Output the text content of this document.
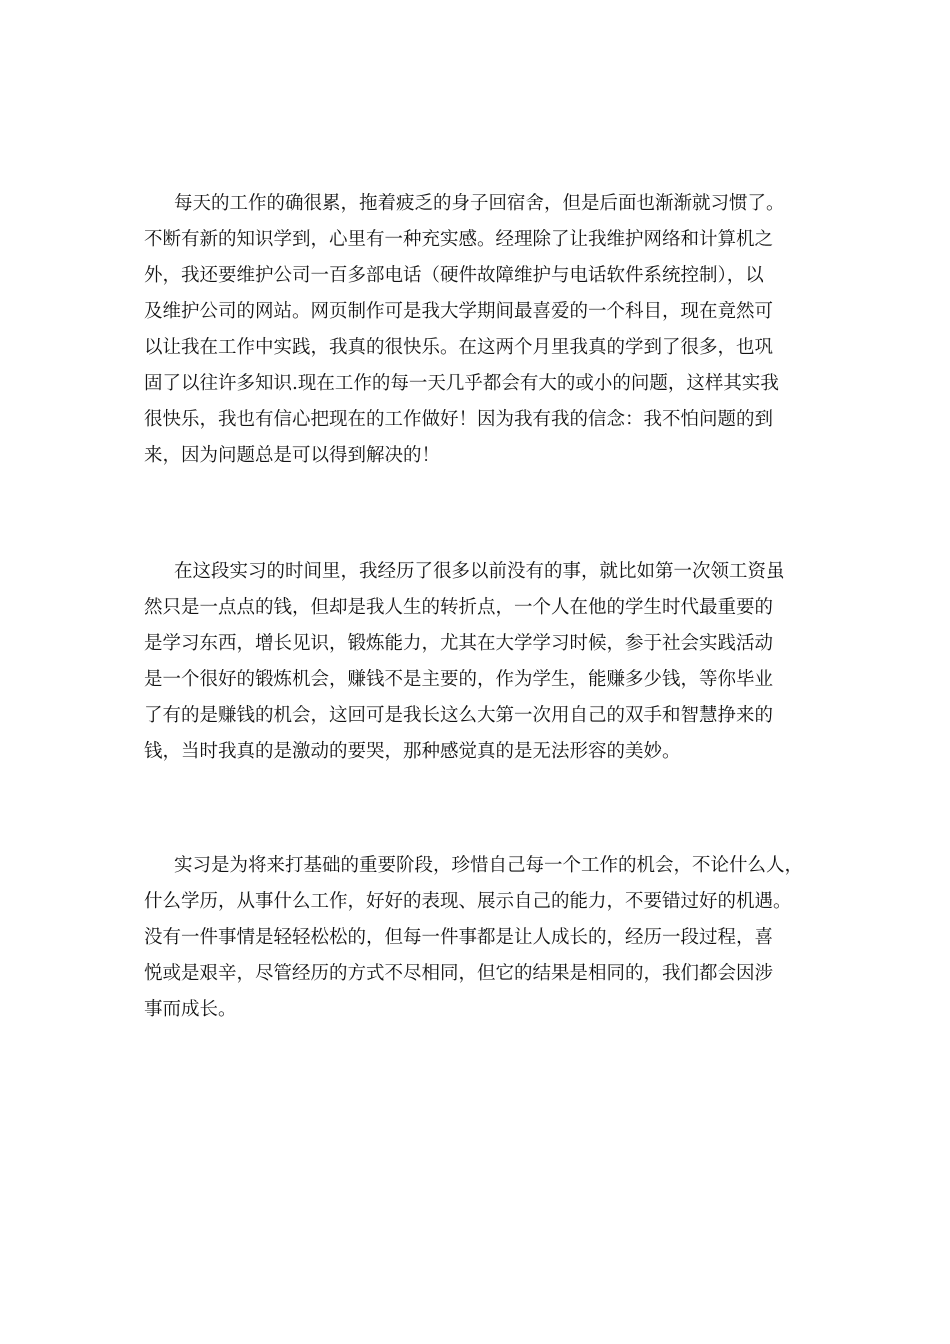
每天的工作的确很累，拖着疲乏的身子回宿舍，但是后面也渐渐就习惯了。
不断有新的知识学到，心里有一种充实感。经理除了让我维护网络和计算机之
外，我还要维护公司一百多部电话（硬件故障维护与电话软件系统控制），以
及维护公司的网站。网页制作可是我大学期间最喜爱的一个科目，现在竟然可
以让我在工作中实践，我真的很快乐。在这两个月里我真的学到了很多，也巩
固了以往许多知识.现在工作的每一天几乎都会有大的或小的问题，这样其实我
很快乐，我也有信心把现在的工作做好！因为我有我的信念：我不怕问题的到
来，因为问题总是可以得到解决的！
在这段实习的时间里，我经历了很多以前没有的事，就比如第一次领工资虽
然只是一点点的钱，但却是我人生的转折点，一个人在他的学生时代最重要的
是学习东西，增长见识，锻炼能力，尤其在大学学习时候，参于社会实践活动
是一个很好的锻炼机会，赚钱不是主要的，作为学生，能赚多少钱，等你毕业
了有的是赚钱的机会，这回可是我长这么大第一次用自己的双手和智慧挣来的
钱，当时我真的是激动的要哭，那种感觉真的是无法形容的美妙。
实习是为将来打基础的重要阶段，珍惜自己每一个工作的机会，不论什么人，
什么学历，从事什么工作，好好的表现、展示自己的能力，不要错过好的机遇。
没有一件事情是轻轻松松的，但每一件事都是让人成长的，经历一段过程，喜
悦或是艰辛，尽管经历的方式不尽相同，但它的结果是相同的，我们都会因涉
事而成长。
